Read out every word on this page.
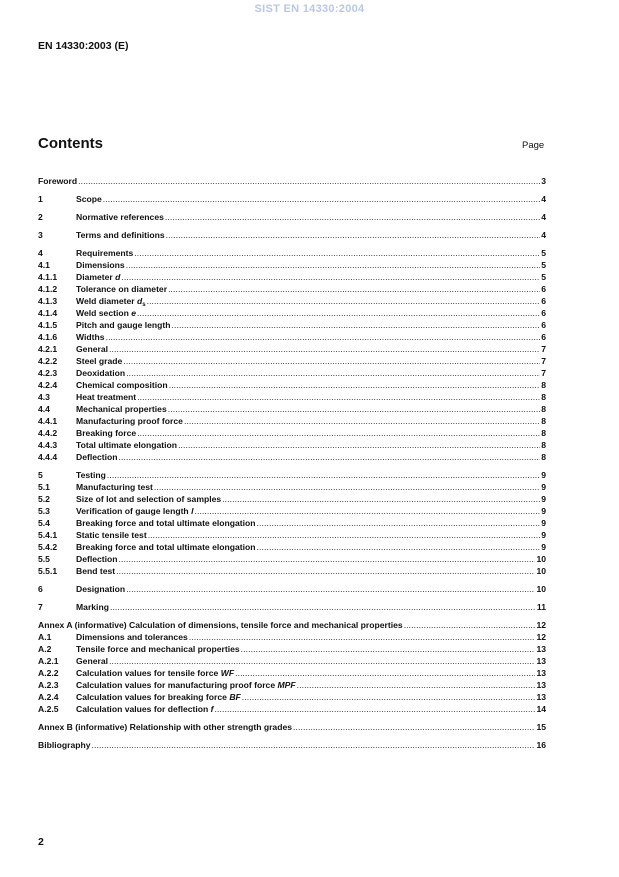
SIST EN 14330:2004
EN 14330:2003 (E)
Contents	Page
Foreword .....	3
1	Scope .....	4
2	Normative references .....	4
3	Terms and definitions .....	4
4	Requirements .....	5
4.1	Dimensions .....	5
4.1.1	Diameter d .....	5
4.1.2	Tolerance on diameter .....	6
4.1.3	Weld diameter $d_s$ .....	6
4.1.4	Weld section e .....	6
4.1.5	Pitch and gauge length .....	6
4.1.6	Widths .....	6
4.2.1	General .....	7
4.2.2	Steel grade .....	7
4.2.3	Deoxidation .....	7
4.2.4	Chemical composition .....	8
4.3	Heat treatment .....	8
4.4	Mechanical properties .....	8
4.4.1	Manufacturing proof force .....	8
4.4.2	Breaking force .....	8
4.4.3	Total ultimate elongation .....	8
4.4.4	Deflection .....	8
5	Testing .....	9
5.1	Manufacturing test .....	9
5.2	Size of lot and selection of samples .....	9
5.3	Verification of gauge length l .....	9
5.4	Breaking force and total ultimate elongation .....	9
5.4.1	Static tensile test .....	9
5.4.2	Breaking force and total ultimate elongation .....	9
5.5	Deflection .....	10
5.5.1	Bend test .....	10
6	Designation .....	10
7	Marking .....	11
Annex A (informative) Calculation of dimensions, tensile force and mechanical properties .....	12
A.1	Dimensions and tolerances .....	12
A.2	Tensile force and mechanical properties .....	13
A.2.1	General .....	13
A.2.2	Calculation values for tensile force WF .....	13
A.2.3	Calculation values for manufacturing proof force MPF .....	13
A.2.4	Calculation values for breaking force BF .....	13
A.2.5	Calculation values for deflection f .....	14
Annex B (informative) Relationship with other strength grades .....	15
Bibliography .....	16
2
